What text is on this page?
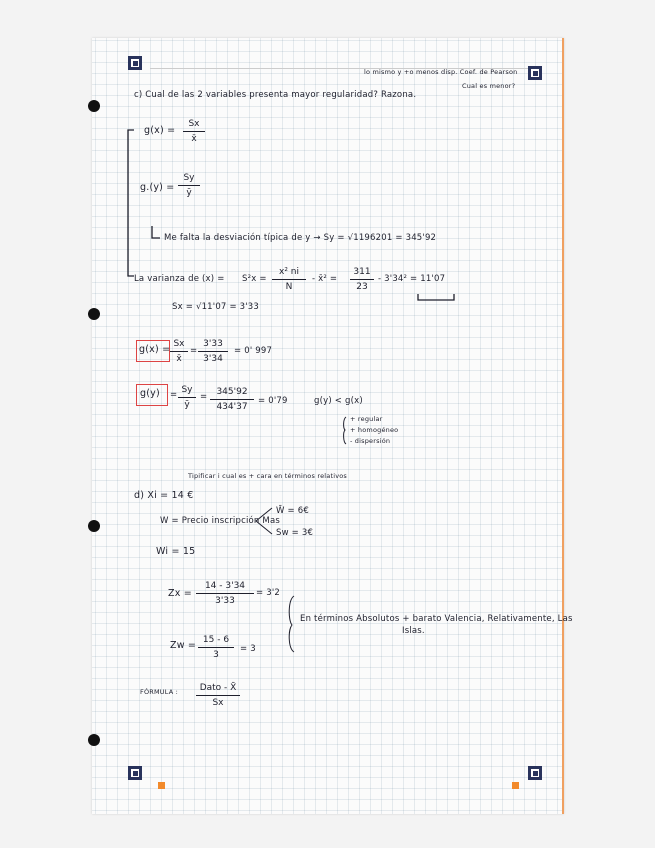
lo mismo y +o menos disp. Coef. de Pearson
Cual es menor?
c) Cual de las 2 variables presenta mayor regularidad? Razona.
g(x) =
Sx
x̄
g.(y) =
Sy
ȳ
Me falta la desviación típica de y → Sy = √1196201 = 345'92
La varianza de (x) = S²x =
x² ni
N
- x̄² =
311
23
- 3'34² = 11'07
Sx = √11'07 = 3'33
g(x) = Sx
x̄
=
3'33
3'34
= 0' 997
g(y) = Sy
ȳ
=	345'92
434'37
= 0'79	g(y) < g(x)
+ regular
+ homogéneo
- dispersión
Tipificar i cual es + cara en términos relativos
d) Xi = 14 €
W = Precio inscripción Mas
W̄ = 6€
Sw = 3€
Wi = 15
Zx =
14 - 3'34
3'33
= 3'2
En términos Absolutos + barato Valencia, Relativamente, Las
Islas.
Zw = 15 - 6
3
= 3
FÓRMULA :	Dato - X̄
Sx
